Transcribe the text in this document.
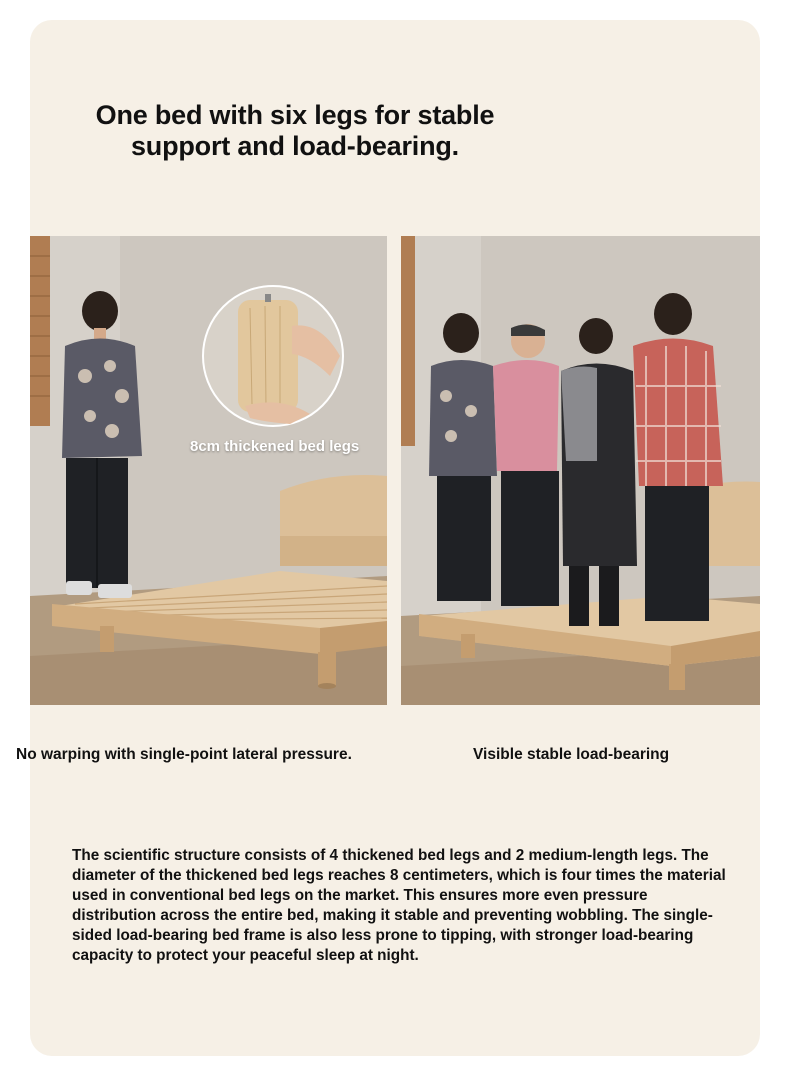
One bed with six legs for stable
support and load-bearing.
8cm thickened bed legs
No warping with single-point lateral pressure.	Visible stable load-bearing

The scientific structure consists of 4 thickened bed legs and 2 medium-length legs. The diameter of the thickened bed legs reaches 8 centimeters, which is four times the material used in conventional bed legs on the market. This ensures more even pressure distribution across the entire bed, making it stable and preventing wobbling. The single-sided load-bearing bed frame is also less prone to tipping, with stronger load-bearing capacity to protect your peaceful sleep at night.
